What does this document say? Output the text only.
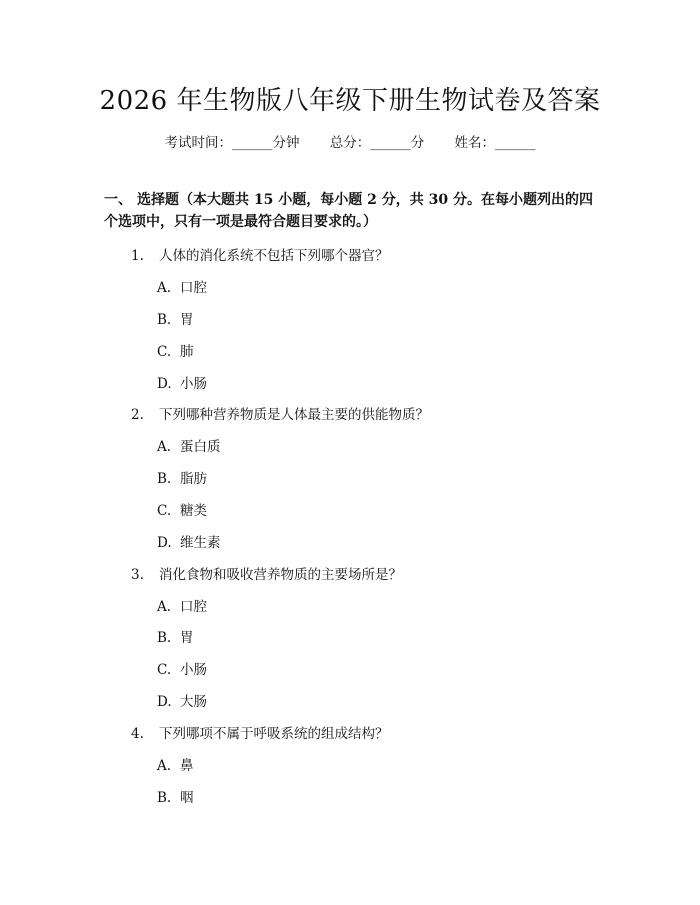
2026 年生物版八年级下册生物试卷及答案
考试时间：______分钟 总分：______分 姓名：______
一、 选择题（本大题共 15 小题，每小题 2 分，共 30 分。在每小题列出的四个选项中，只有一项是最符合题目要求的。）
1. 人体的消化系统不包括下列哪个器官？
A. 口腔
B. 胃
C. 肺
D. 小肠
2. 下列哪种营养物质是人体最主要的供能物质？
A. 蛋白质
B. 脂肪
C. 糖类
D. 维生素
3. 消化食物和吸收营养物质的主要场所是？
A. 口腔
B. 胃
C. 小肠
D. 大肠
4. 下列哪项不属于呼吸系统的组成结构？
A. 鼻
B. 咽
